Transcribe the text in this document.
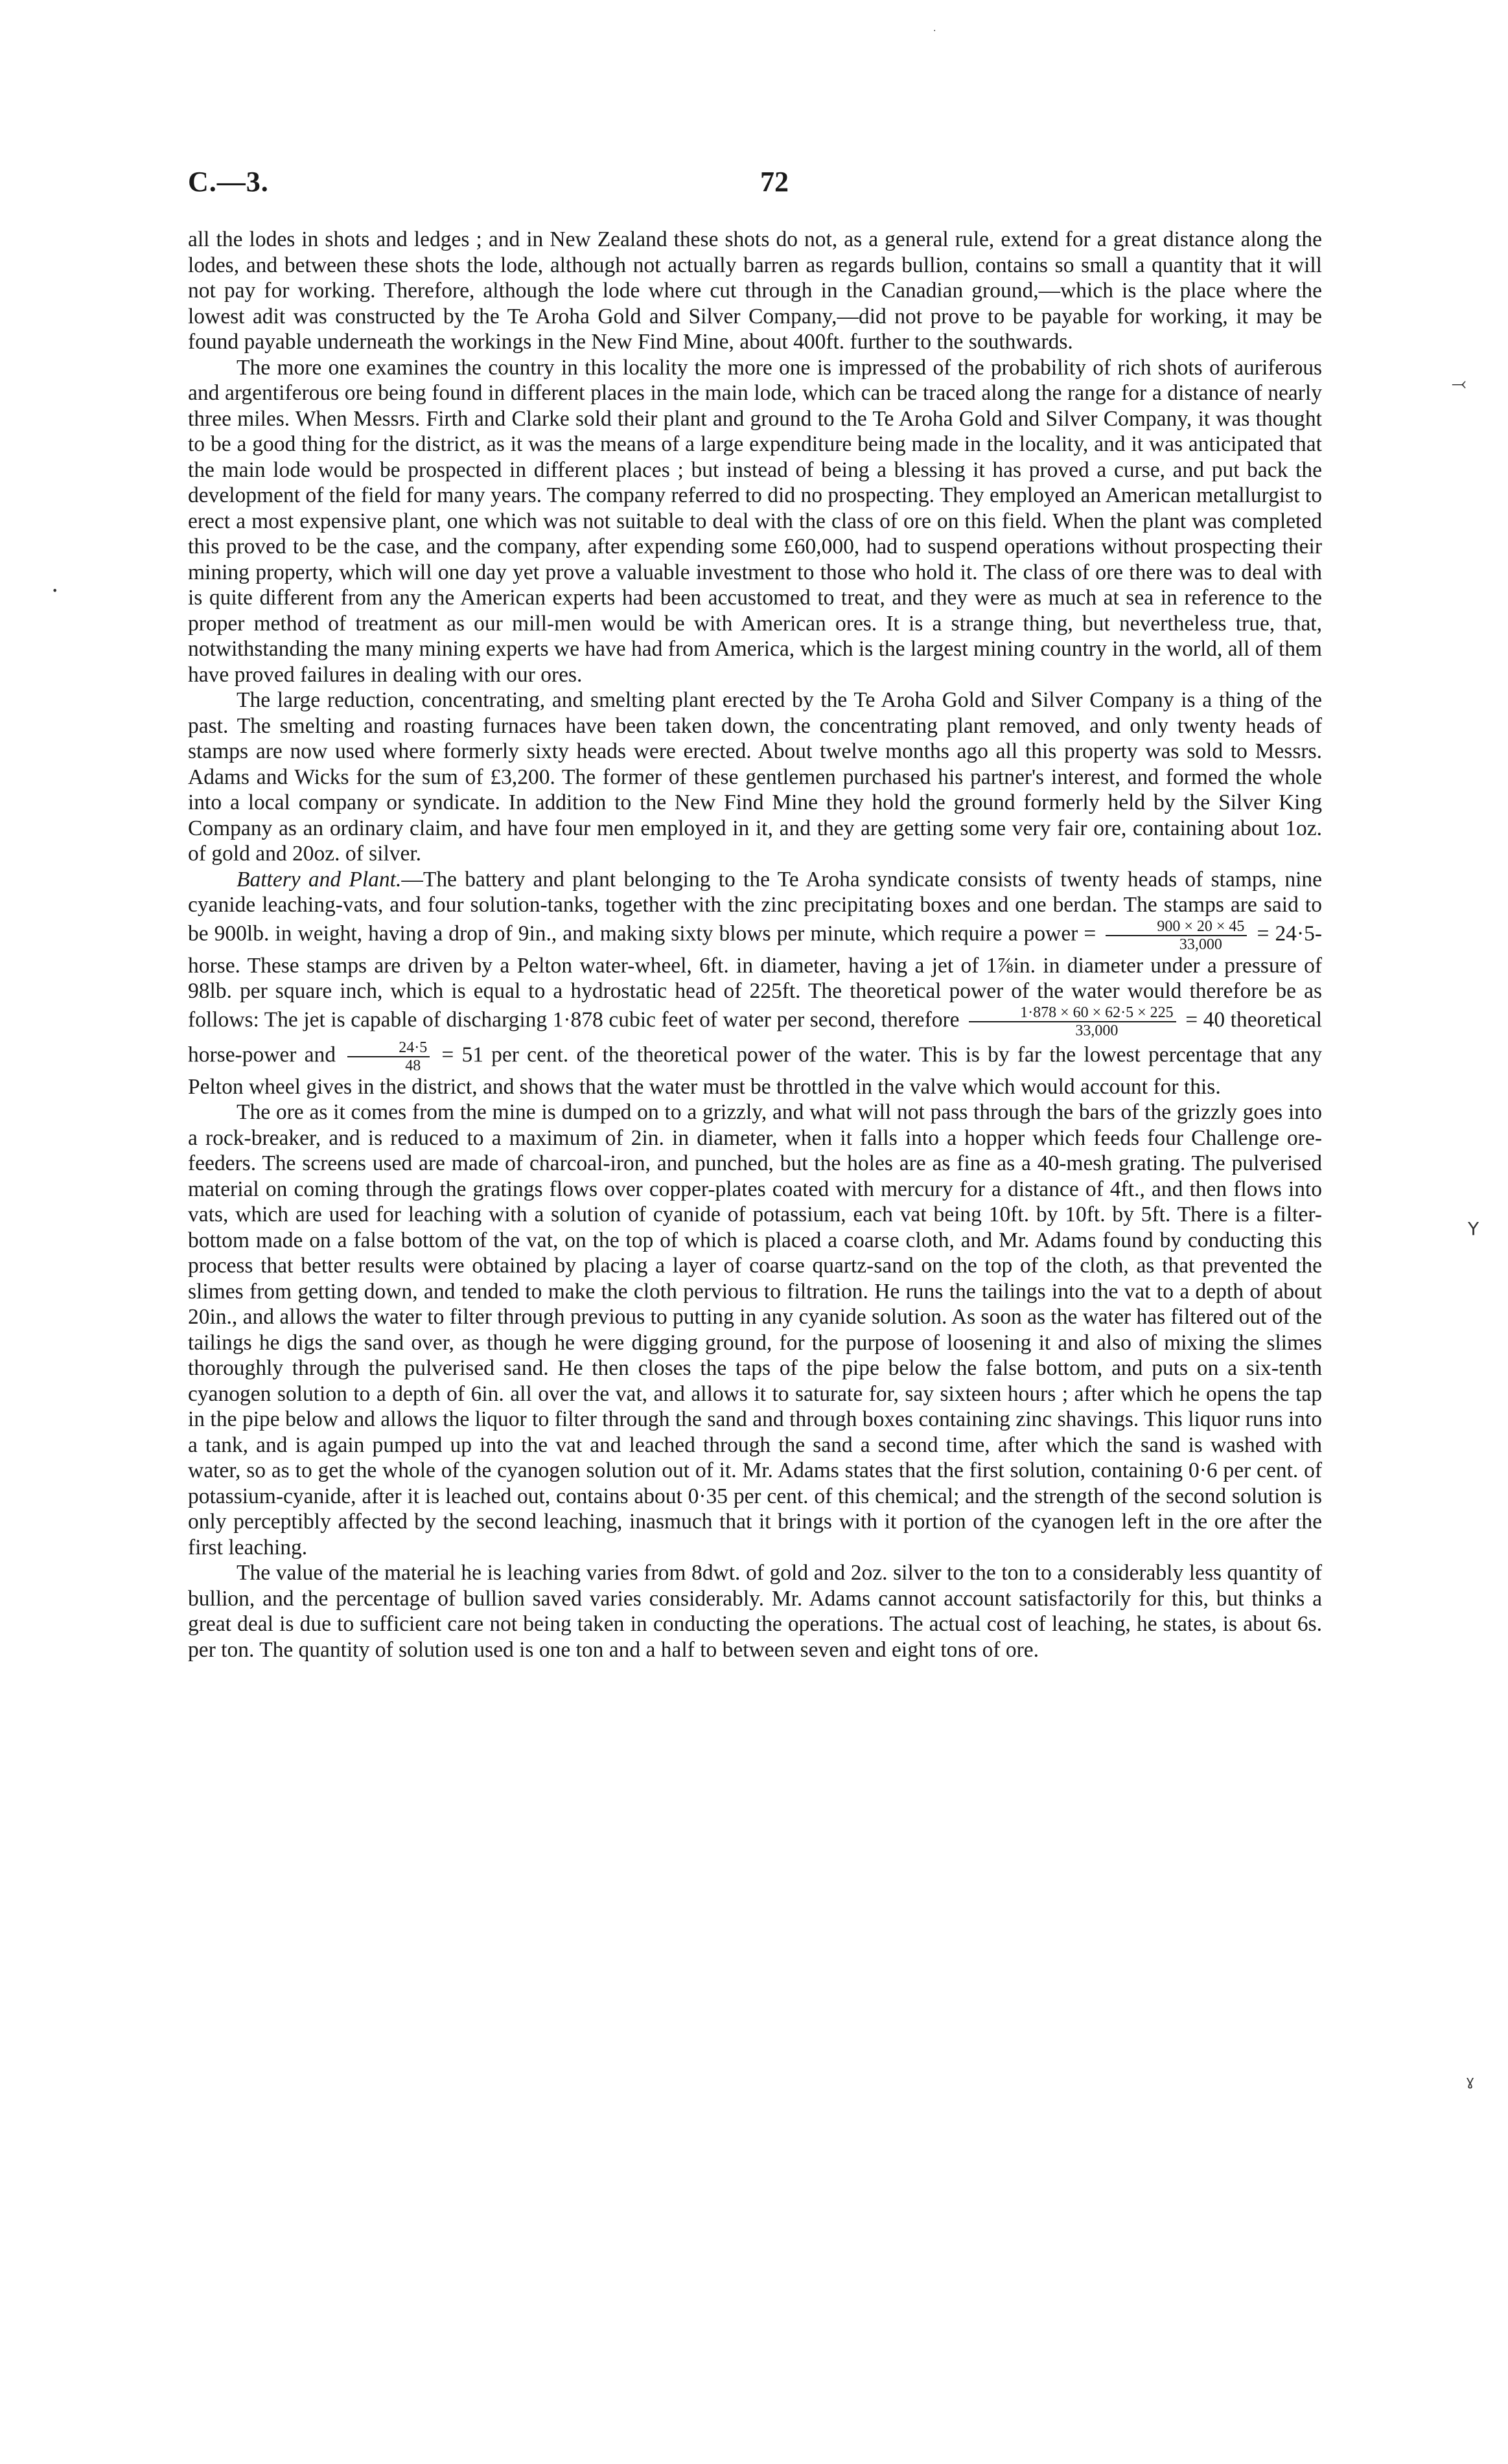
C.—3.	72

all the lodes in shots and ledges ; and in New Zealand these shots do not, as a general rule, extend for a great distance along the lodes, and between these shots the lode, although not actually barren as regards bullion, contains so small a quantity that it will not pay for working. Therefore, although the lode where cut through in the Canadian ground,—which is the place where the lowest adit was constructed by the Te Aroha Gold and Silver Company,—did not prove to be payable for working, it may be found payable underneath the workings in the New Find Mine, about 400ft. further to the southwards.

The more one examines the country in this locality the more one is impressed of the probability of rich shots of auriferous and argentiferous ore being found in different places in the main lode, which can be traced along the range for a distance of nearly three miles. When Messrs. Firth and Clarke sold their plant and ground to the Te Aroha Gold and Silver Company, it was thought to be a good thing for the district, as it was the means of a large expenditure being made in the locality, and it was anticipated that the main lode would be prospected in different places ; but instead of being a blessing it has proved a curse, and put back the development of the field for many years. The company referred to did no prospecting. They employed an American metallurgist to erect a most expensive plant, one which was not suitable to deal with the class of ore on this field. When the plant was completed this proved to be the case, and the company, after expending some £60,000, had to suspend operations without prospecting their mining property, which will one day yet prove a valuable investment to those who hold it. The class of ore there was to deal with is quite different from any the American experts had been accustomed to treat, and they were as much at sea in reference to the proper method of treatment as our mill-men would be with American ores. It is a strange thing, but nevertheless true, that, notwithstanding the many mining experts we have had from America, which is the largest mining country in the world, all of them have proved failures in dealing with our ores.

The large reduction, concentrating, and smelting plant erected by the Te Aroha Gold and Silver Company is a thing of the past. The smelting and roasting furnaces have been taken down, the concentrating plant removed, and only twenty heads of stamps are now used where formerly sixty heads were erected. About twelve months ago all this property was sold to Messrs. Adams and Wicks for the sum of £3,200. The former of these gentlemen purchased his partner's interest, and formed the whole into a local company or syndicate. In addition to the New Find Mine they hold the ground formerly held by the Silver King Company as an ordinary claim, and have four men employed in it, and they are getting some very fair ore, containing about 1oz. of gold and 20oz. of silver.

Battery and Plant.—The battery and plant belonging to the Te Aroha syndicate consists of twenty heads of stamps, nine cyanide leaching-vats, and four solution-tanks, together with the zinc precipitating boxes and one berdan. The stamps are said to be 900lb. in weight, having a drop of 9in., and making sixty blows per minute, which require a power = $\frac{900 \times 20 \times 45}{33,000}$ = 24·5-horse. These stamps are driven by a Pelton water-wheel, 6ft. in diameter, having a jet of 1⅞in. in diameter under a pressure of 98lb. per square inch, which is equal to a hydrostatic head of 225ft. The theoretical power of the water would therefore be as follows: The jet is capable of discharging 1·878 cubic feet of water per second, therefore $\frac{1\cdot 878 \times 60 \times 62\cdot 5 \times 225}{33,000} = 40$ theoretical horse-power and $\frac{24\cdot 5}{48} = 51$ per cent. of the theoretical power of the water. This is by far the lowest percentage that any Pelton wheel gives in the district, and shows that the water must be throttled in the valve which would account for this.

The ore as it comes from the mine is dumped on to a grizzly, and what will not pass through the bars of the grizzly goes into a rock-breaker, and is reduced to a maximum of 2in. in diameter, when it falls into a hopper which feeds four Challenge ore-feeders. The screens used are made of charcoal-iron, and punched, but the holes are as fine as a 40-mesh grating. The pulverised material on coming through the gratings flows over copper-plates coated with mercury for a distance of 4ft., and then flows into vats, which are used for leaching with a solution of cyanide of potassium, each vat being 10ft. by 10ft. by 5ft. There is a filter-bottom made on a false bottom of the vat, on the top of which is placed a coarse cloth, and Mr. Adams found by conducting this process that better results were obtained by placing a layer of coarse quartz-sand on the top of the cloth, as that prevented the slimes from getting down, and tended to make the cloth pervious to filtration. He runs the tailings into the vat to a depth of about 20in., and allows the water to filter through previous to putting in any cyanide solution. As soon as the water has filtered out of the tailings he digs the sand over, as though he were digging ground, for the purpose of loosening it and also of mixing the slimes thoroughly through the pulverised sand. He then closes the taps of the pipe below the false bottom, and puts on a six-tenth cyanogen solution to a depth of 6in. all over the vat, and allows it to saturate for, say sixteen hours ; after which he opens the tap in the pipe below and allows the liquor to filter through the sand and through boxes containing zinc shavings. This liquor runs into a tank, and is again pumped up into the vat and leached through the sand a second time, after which the sand is washed with water, so as to get the whole of the cyanogen solution out of it. Mr. Adams states that the first solution, containing 0·6 per cent. of potassium-cyanide, after it is leached out, contains about 0·35 per cent. of this chemical; and the strength of the second solution is only perceptibly affected by the second leaching, inasmuch that it brings with it portion of the cyanogen left in the ore after the first leaching.

The value of the material he is leaching varies from 8dwt. of gold and 2oz. silver to the ton to a considerably less quantity of bullion, and the percentage of bullion saved varies considerably. Mr. Adams cannot account satisfactorily for this, but thinks a great deal is due to sufficient care not being taken in conducting the operations. The actual cost of leaching, he states, is about 6s. per ton. The quantity of solution used is one ton and a half to between seven and eight tons of ore.

⤙
Y
ɣ
•
·
